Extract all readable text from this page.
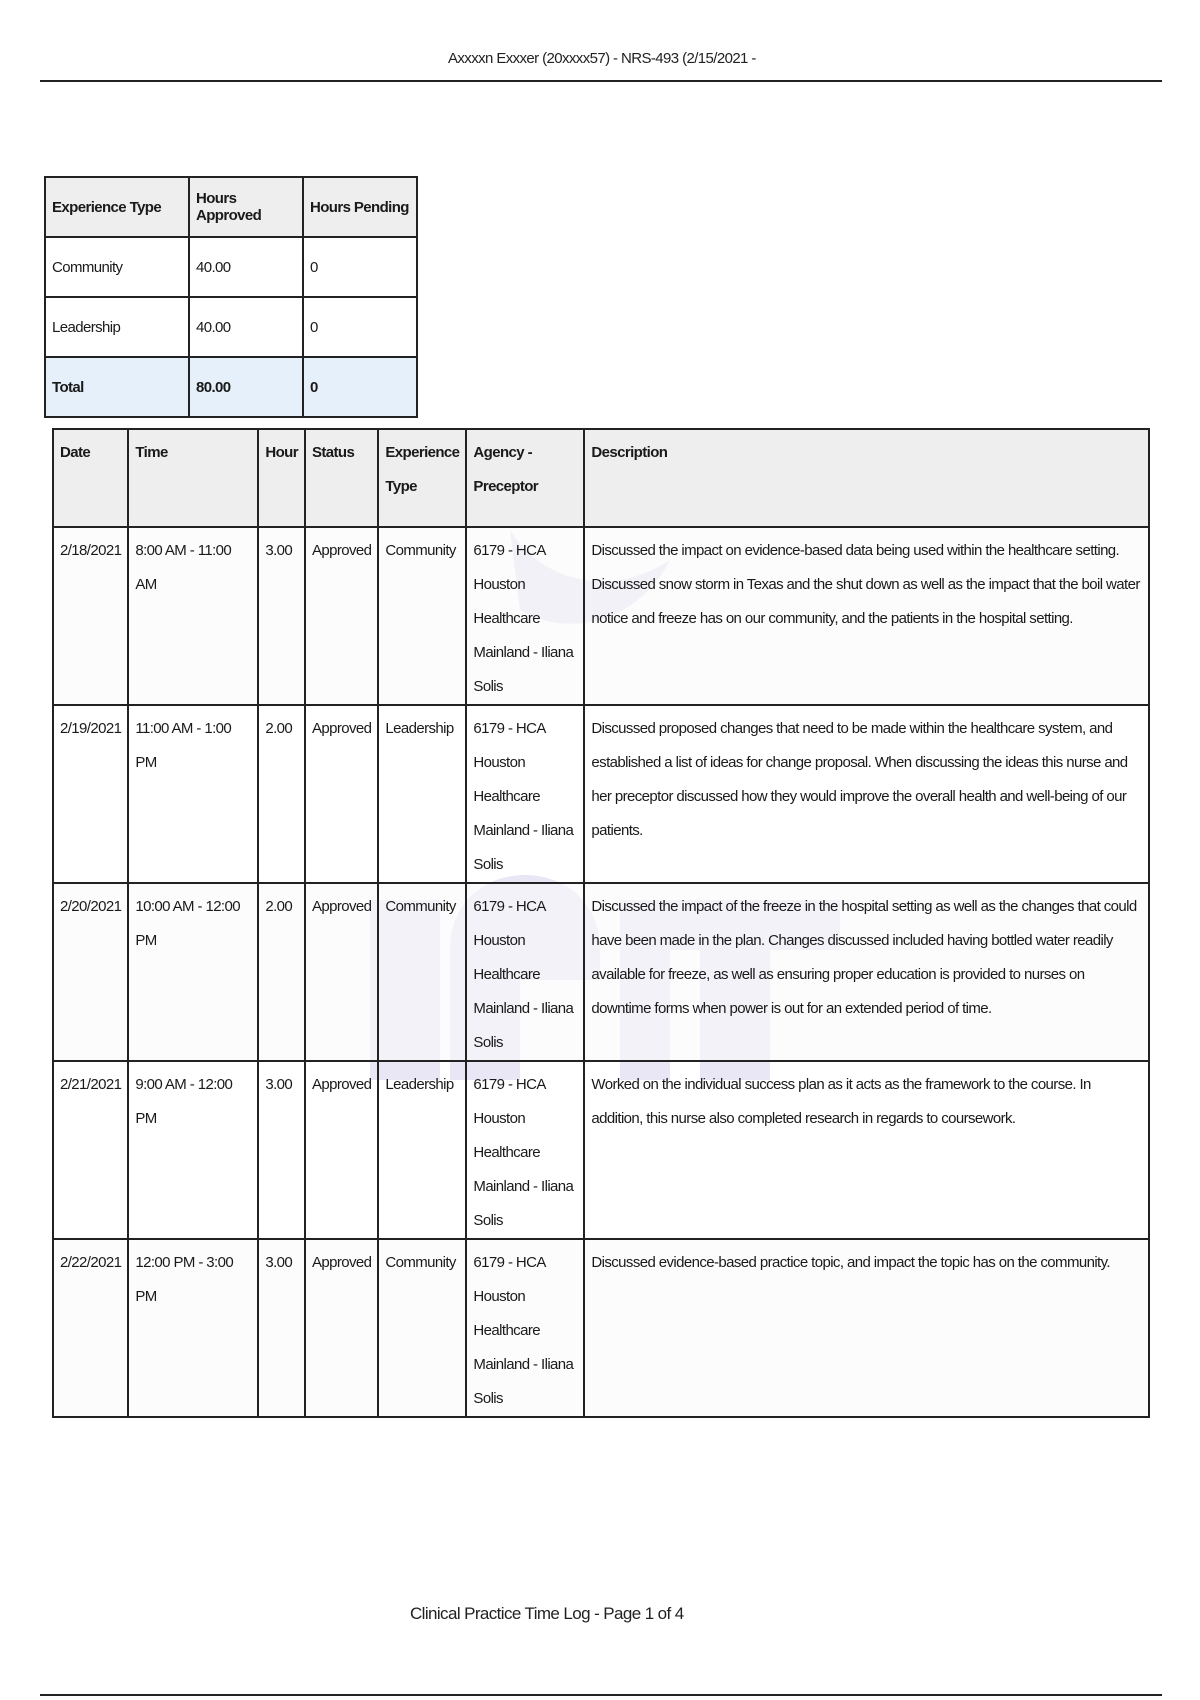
Axxxxn Exxxer (20xxxx57) - NRS-493 (2/15/2021 -
Experience Type	Hours Approved	Hours Pending
Community	40.00	0
Leadership	40.00	0
Total	80.00	0
Date	Time	Hour	Status	Experience Type	Agency - Preceptor	Description
2/18/2021	8:00 AM - 11:00 AM	3.00	Approved	Community	6179 - HCA Houston Healthcare Mainland - Iliana Solis	Discussed the impact on evidence-based data being used within the healthcare setting. Discussed snow storm in Texas and the shut down as well as the impact that the boil water notice and freeze has on our community, and the patients in the hospital setting.
2/19/2021	11:00 AM - 1:00 PM	2.00	Approved	Leadership	6179 - HCA Houston Healthcare Mainland - Iliana Solis	Discussed proposed changes that need to be made within the healthcare system, and established a list of ideas for change proposal. When discussing the ideas this nurse and her preceptor discussed how they would improve the overall health and well-being of our patients.
2/20/2021	10:00 AM - 12:00 PM	2.00	Approved	Community	6179 - HCA Houston Healthcare Mainland - Iliana Solis	Discussed the impact of the freeze in the hospital setting as well as the changes that could have been made in the plan. Changes discussed included having bottled water readily available for freeze, as well as ensuring proper education is provided to nurses on downtime forms when power is out for an extended period of time.
2/21/2021	9:00 AM - 12:00 PM	3.00	Approved	Leadership	6179 - HCA Houston Healthcare Mainland - Iliana Solis	Worked on the individual success plan as it acts as the framework to the course. In addition, this nurse also completed research in regards to coursework.
2/22/2021	12:00 PM - 3:00 PM	3.00	Approved	Community	6179 - HCA Houston Healthcare Mainland - Iliana Solis	Discussed evidence-based practice topic, and impact the topic has on the community.
Clinical Practice Time Log - Page 1 of 4
